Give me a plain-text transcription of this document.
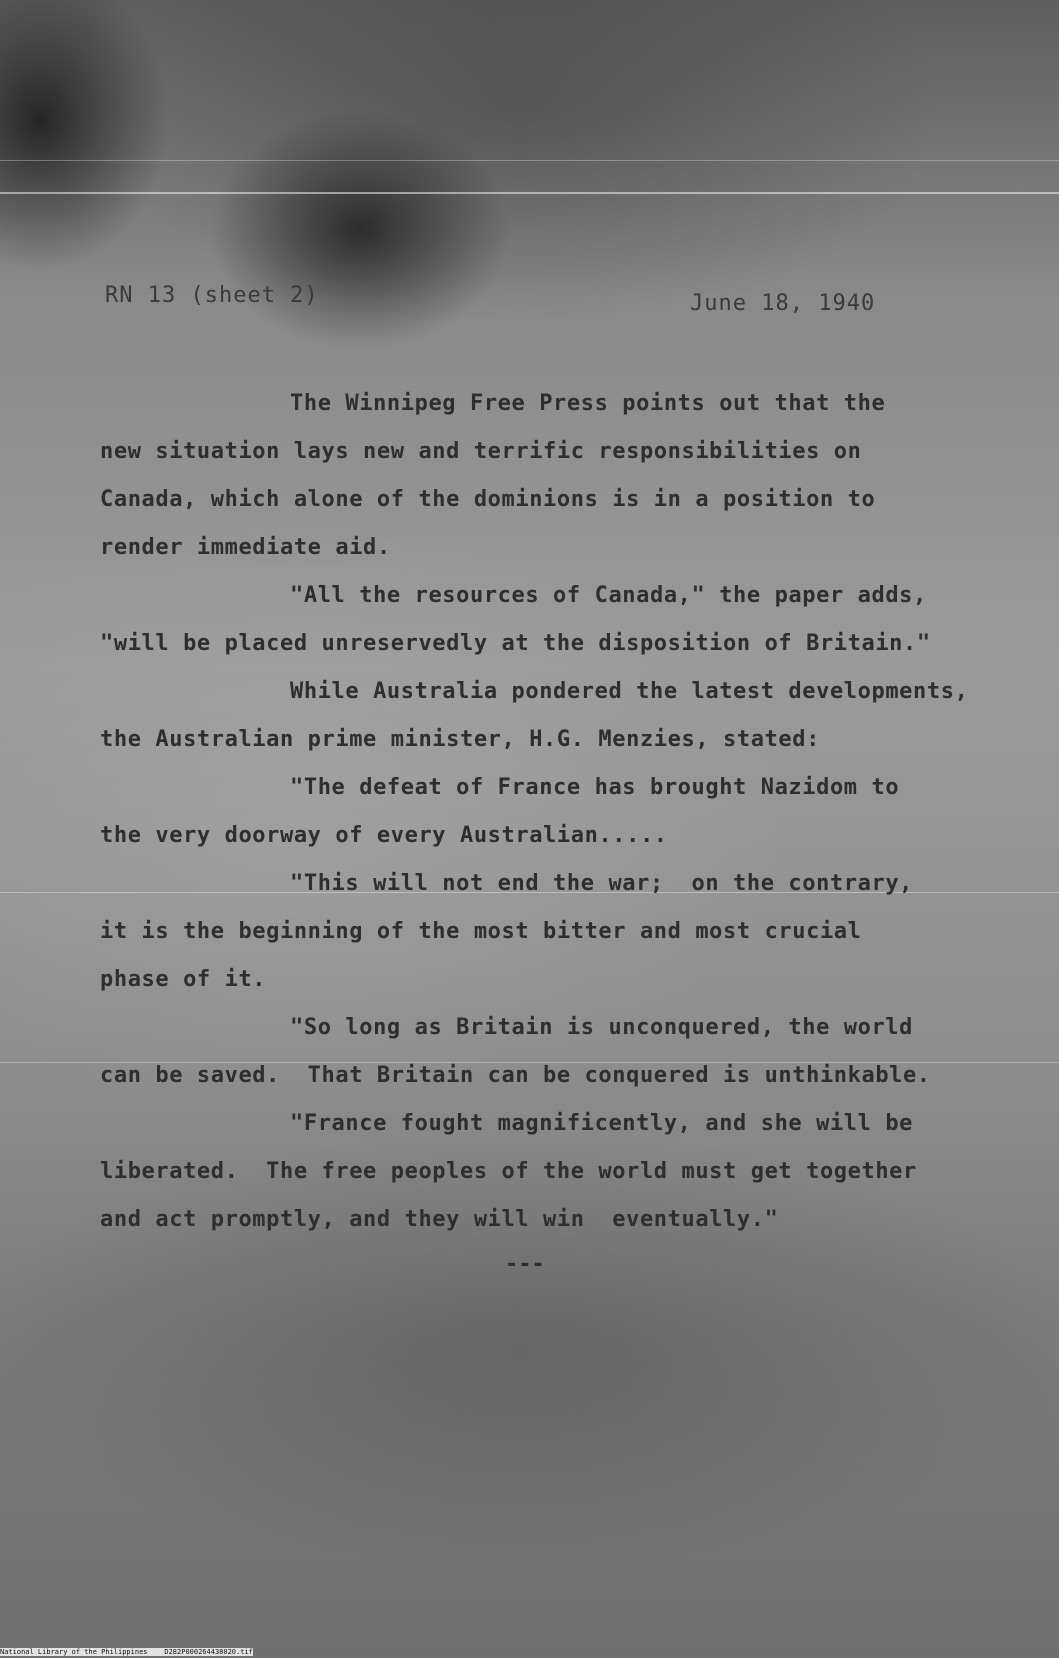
RN 13 (sheet 2)	June 18, 1940
The Winnipeg Free Press points out that the
new situation lays new and terrific responsibilities on
Canada, which alone of the dominions is in a position to
render immediate aid.
"All the resources of Canada," the paper adds,
"will be placed unreservedly at the disposition of Britain."
While Australia pondered the latest developments,
the Australian prime minister, H.G. Menzies, stated:
"The defeat of France has brought Nazidom to
the very doorway of every Australian.....
"This will not end the war;  on the contrary,
it is the beginning of the most bitter and most crucial
phase of it.
"So long as Britain is unconquered, the world
can be saved.  That Britain can be conquered is unthinkable.
"France fought magnificently, and she will be
liberated.  The free peoples of the world must get together
and act promptly, and they will win  eventually."
---
National Library of the Philippines D282P000264438020.tif
